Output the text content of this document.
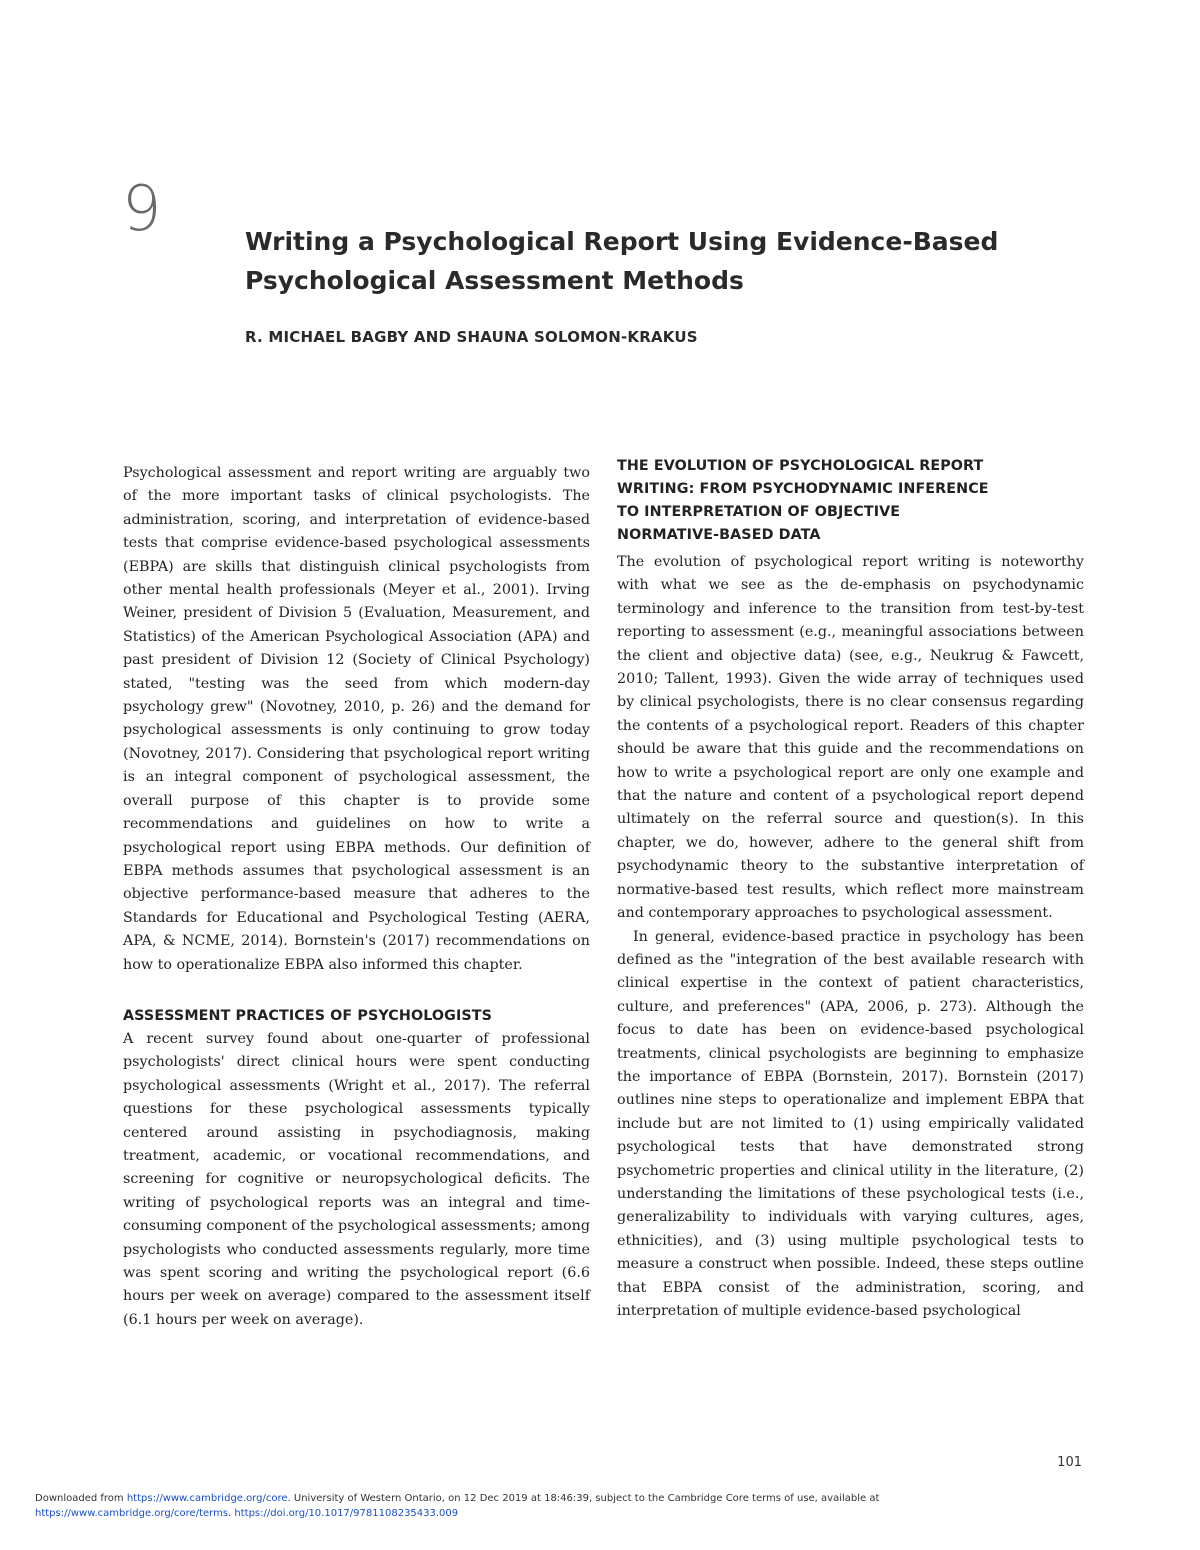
9	Writing a Psychological Report Using Evidence-Based
Psychological Assessment Methods
R. MICHAEL BAGBY AND SHAUNA SOLOMON-KRAKUS

Psychological assessment and report writing are arguably two of the more important tasks of clinical psychologists. The administration, scoring, and interpretation of evidence-based tests that comprise evidence-based psychological assessments (EBPA) are skills that distinguish clinical psychologists from other mental health professionals (Meyer et al., 2001). Irving Weiner, president of Division 5 (Evaluation, Measurement, and Statistics) of the American Psychological Association (APA) and past president of Division 12 (Society of Clinical Psychology) stated, "testing was the seed from which modern-day psychology grew" (Novotney, 2010, p. 26) and the demand for psychological assessments is only continuing to grow today (Novotney, 2017). Considering that psychological report writing is an integral component of psychological assessment, the overall purpose of this chapter is to provide some recommendations and guidelines on how to write a psychological report using EBPA methods. Our definition of EBPA methods assumes that psychological assessment is an objective performance-based measure that adheres to the Standards for Educational and Psychological Testing (AERA, APA, & NCME, 2014). Bornstein's (2017) recommendations on how to operationalize EBPA also informed this chapter.

ASSESSMENT PRACTICES OF PSYCHOLOGISTS

A recent survey found about one-quarter of professional psychologists' direct clinical hours were spent conducting psychological assessments (Wright et al., 2017). The referral questions for these psychological assessments typically centered around assisting in psychodiagnosis, making treatment, academic, or vocational recommendations, and screening for cognitive or neuropsychological deficits. The writing of psychological reports was an integral and time-consuming component of the psychological assessments; among psychologists who conducted assessments regularly, more time was spent scoring and writing the psychological report (6.6 hours per week on average) compared to the assessment itself (6.1 hours per week on average).

THE EVOLUTION OF PSYCHOLOGICAL REPORT
WRITING: FROM PSYCHODYNAMIC INFERENCE
TO INTERPRETATION OF OBJECTIVE
NORMATIVE-BASED DATA

The evolution of psychological report writing is noteworthy with what we see as the de-emphasis on psychodynamic terminology and inference to the transition from test-by-test reporting to assessment (e.g., meaningful associations between the client and objective data) (see, e.g., Neukrug & Fawcett, 2010; Tallent, 1993). Given the wide array of techniques used by clinical psychologists, there is no clear consensus regarding the contents of a psychological report. Readers of this chapter should be aware that this guide and the recommendations on how to write a psychological report are only one example and that the nature and content of a psychological report depend ultimately on the referral source and question(s). In this chapter, we do, however, adhere to the general shift from psychodynamic theory to the substantive interpretation of normative-based test results, which reflect more mainstream and contemporary approaches to psychological assessment.

In general, evidence-based practice in psychology has been defined as the "integration of the best available research with clinical expertise in the context of patient characteristics, culture, and preferences" (APA, 2006, p. 273). Although the focus to date has been on evidence-based psychological treatments, clinical psychologists are beginning to emphasize the importance of EBPA (Bornstein, 2017). Bornstein (2017) outlines nine steps to operationalize and implement EBPA that include but are not limited to (1) using empirically validated psychological tests that have demonstrated strong psychometric properties and clinical utility in the literature, (2) understanding the limitations of these psychological tests (i.e., generalizability to individuals with varying cultures, ages, ethnicities), and (3) using multiple psychological tests to measure a construct when possible. Indeed, these steps outline that EBPA consist of the administration, scoring, and interpretation of multiple evidence-based psychological

101
Downloaded from https://www.cambridge.org/core. University of Western Ontario, on 12 Dec 2019 at 18:46:39, subject to the Cambridge Core terms of use, available at
https://www.cambridge.org/core/terms. https://doi.org/10.1017/9781108235433.009
